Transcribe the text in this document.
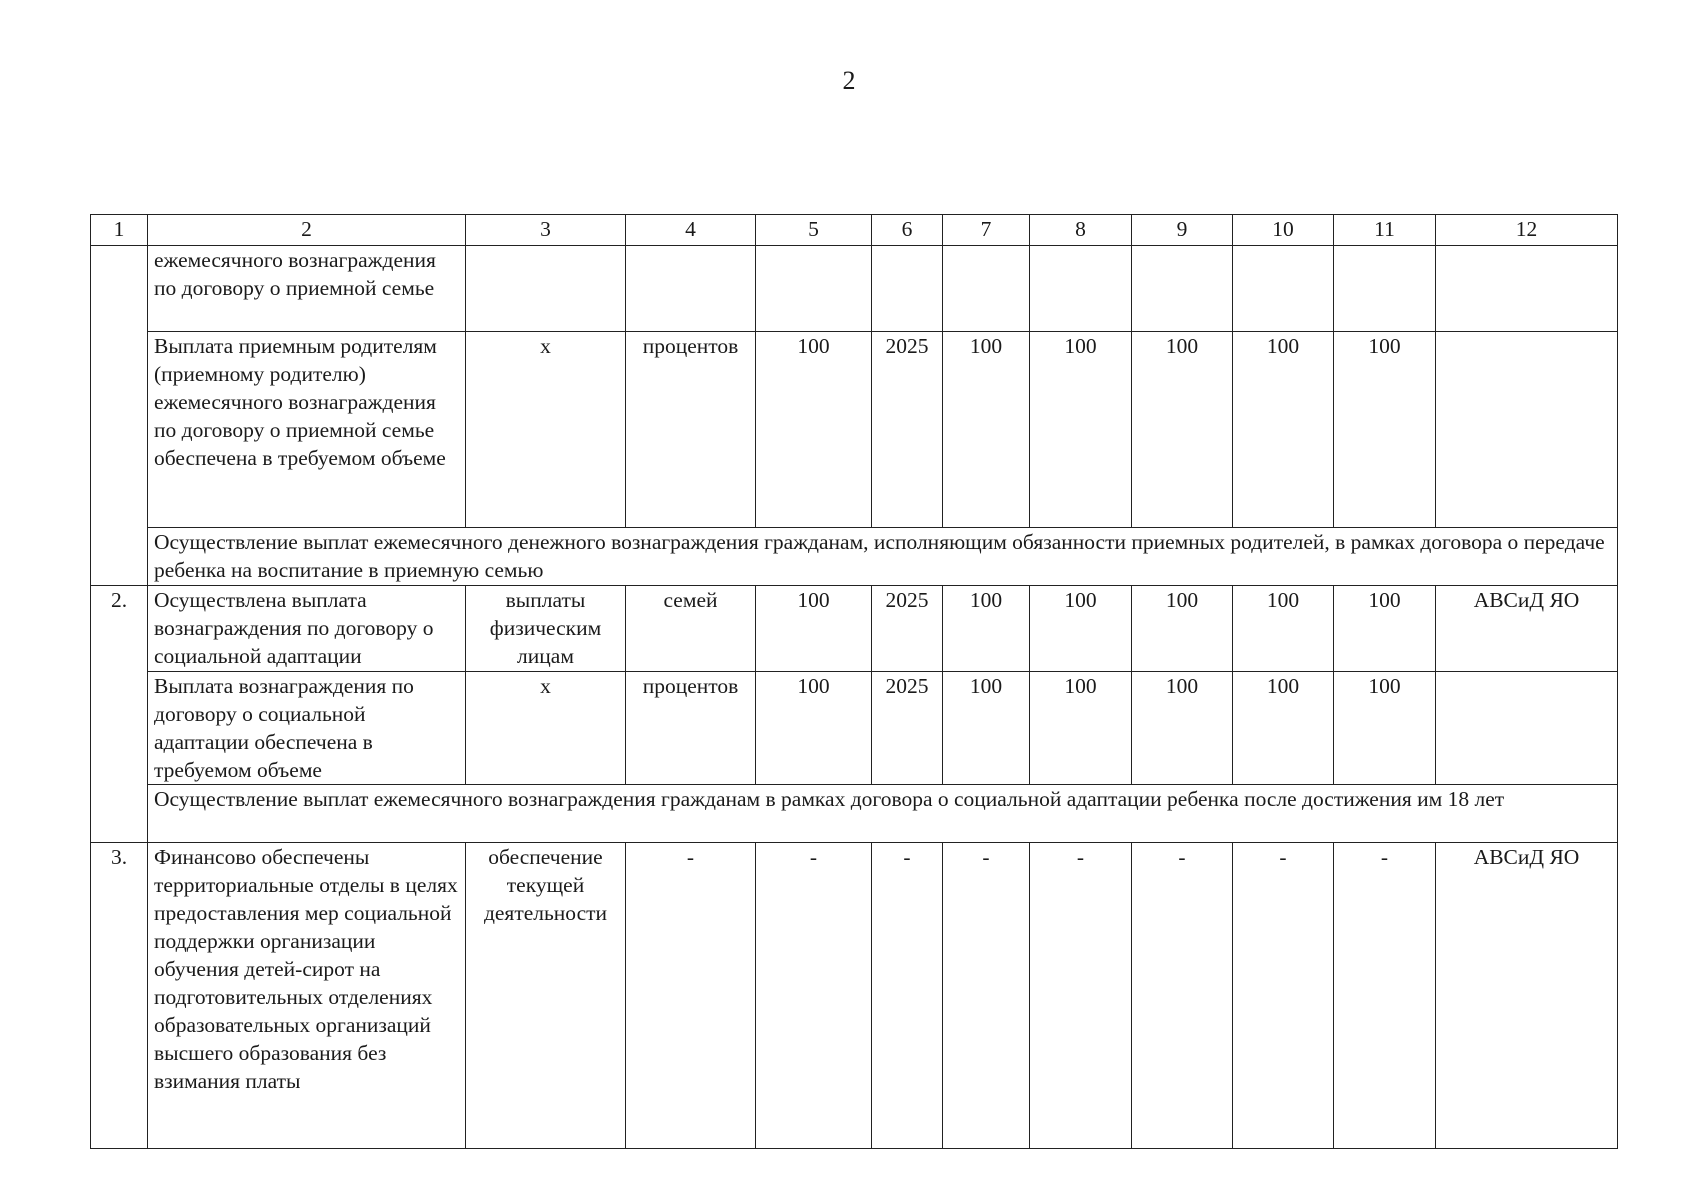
2
1	2	3	4	5	6	7	8	9	10	11	12
	ежемесячного вознаграждения по договору о приемной семье										
	Выплата приемным родителям (приемному родителю) ежемесячного вознаграждения по договору о приемной семье обеспечена в требуемом объеме	х	процентов	100	2025	100	100	100	100	100	
	Осуществление выплат ежемесячного денежного вознаграждения гражданам, исполняющим обязанности приемных родителей, в рамках договора о передаче ребенка на воспитание в приемную семью										
2.	Осуществлена выплата вознаграждения по договору о социальной адаптации	выплаты физическим лицам	семей	100	2025	100	100	100	100	100	АВСиД ЯО
	Выплата вознаграждения по договору о социальной адаптации обеспечена в требуемом объеме	х	процентов	100	2025	100	100	100	100	100	
	Осуществление выплат ежемесячного вознаграждения гражданам в рамках договора о социальной адаптации ребенка после достижения им 18 лет										
3.	Финансово обеспечены территориальные отделы в целях предоставления мер социальной поддержки организации обучения детей-сирот на подготовительных отделениях образовательных организаций высшего образования без взимания платы	обеспечение текущей деятельности	-	-	-	-	-	-	-	-	АВСиД ЯО
